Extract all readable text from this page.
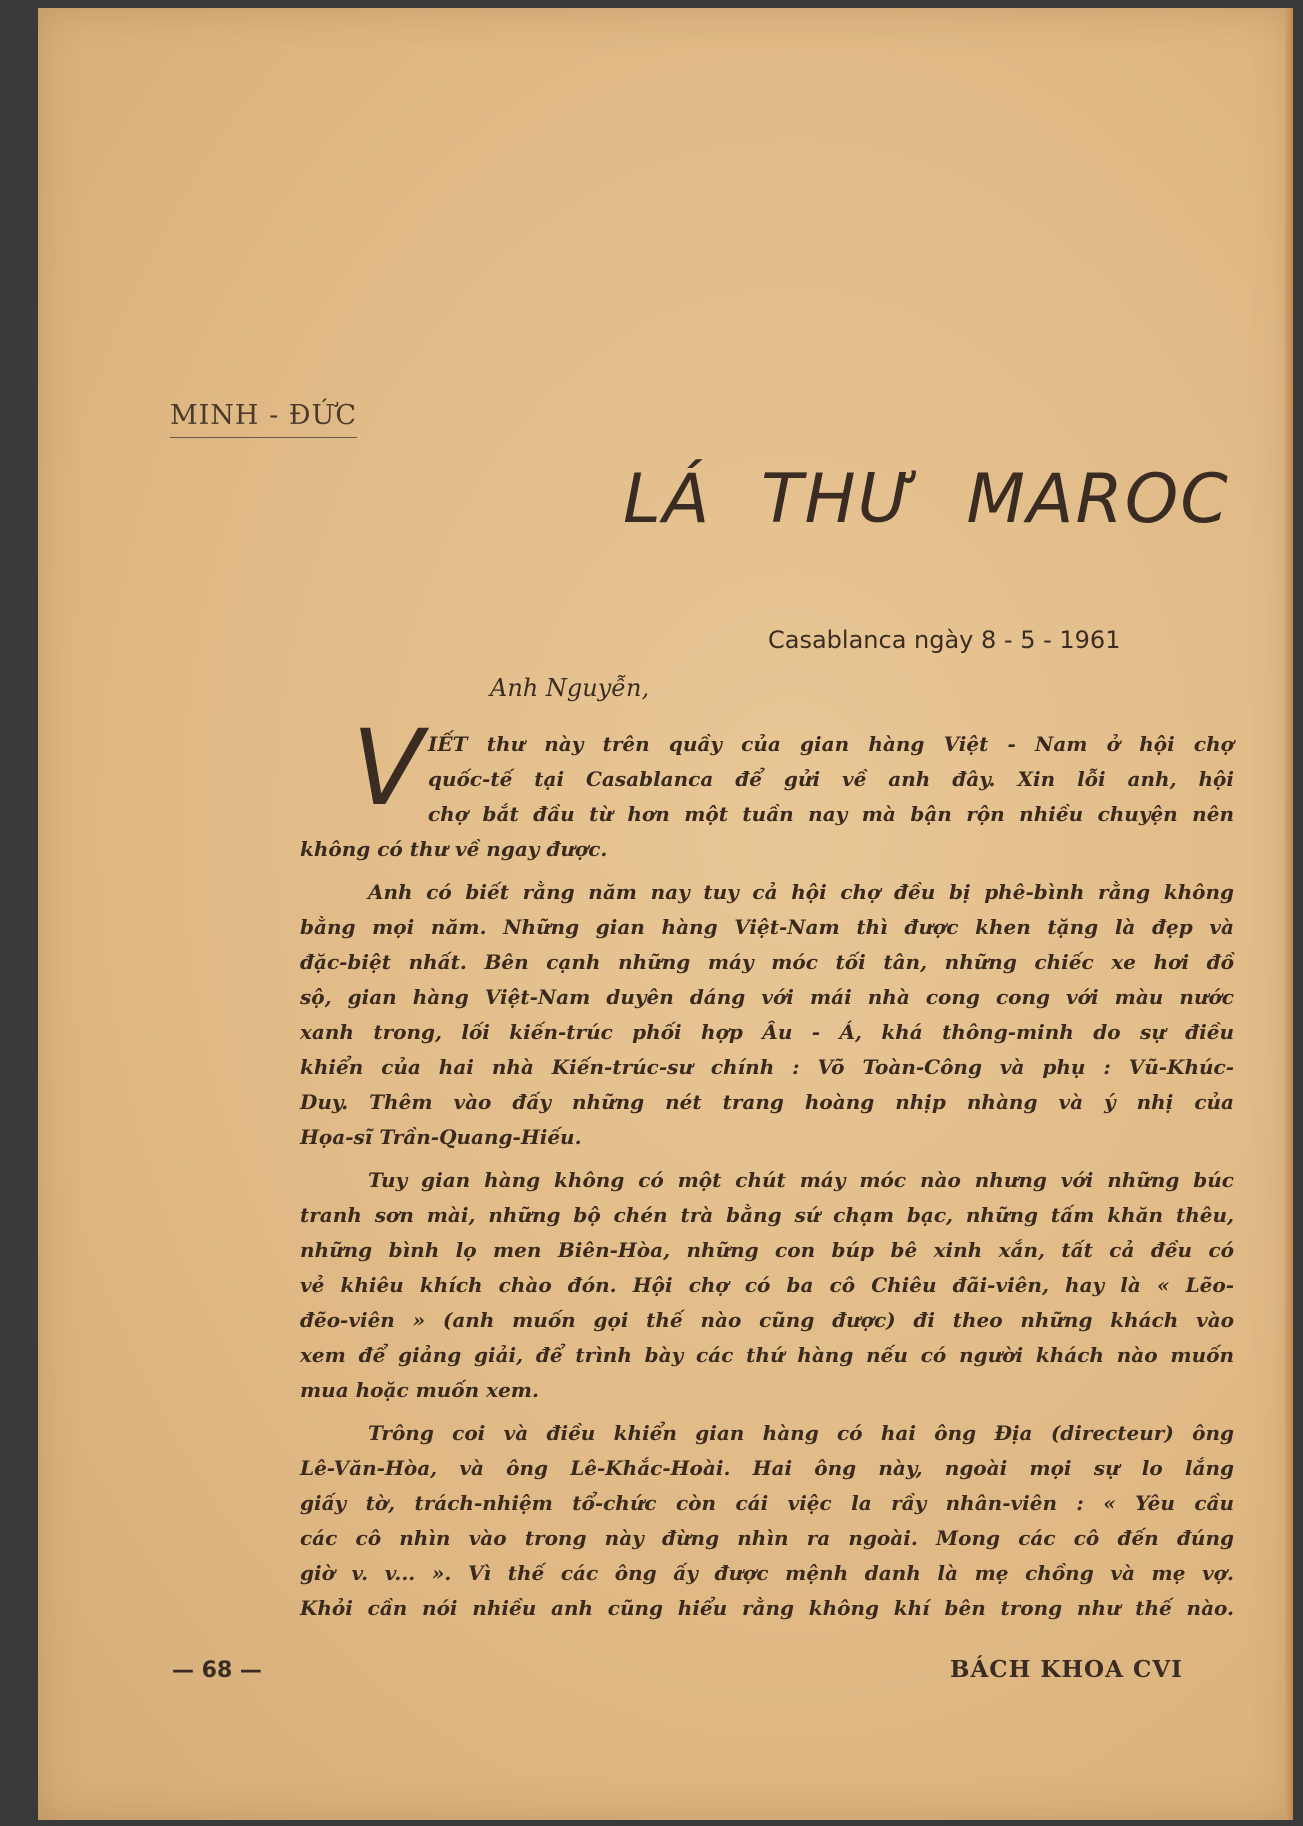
MINH - ĐỨC
LÁ THƯ MAROC
Casablanca ngày 8 - 5 - 1961
Anh Nguyễn,
V IẾT thư này trên quầy của gian hàng Việt - Nam ở hội chợ
quốc-tế tại Casablanca để gửi về anh đây. Xin lỗi anh, hội
chợ bắt đầu từ hơn một tuần nay mà bận rộn nhiều chuyện nên
không có thư về ngay được.
Anh có biết rằng năm nay tuy cả hội chợ đều bị phê-bình rằng không
bằng mọi năm. Những gian hàng Việt-Nam thì được khen tặng là đẹp và
đặc-biệt nhất. Bên cạnh những máy móc tối tân, những chiếc xe hơi đồ
sộ, gian hàng Việt-Nam duyên dáng với mái nhà cong cong với màu nước
xanh trong, lối kiến-trúc phối hợp Âu - Á, khá thông-minh do sự điều
khiển của hai nhà Kiến-trúc-sư chính : Võ Toàn-Công và phụ : Vũ-Khúc-
Duy. Thêm vào đấy những nét trang hoàng nhịp nhàng và ý nhị của
Họa-sĩ Trần-Quang-Hiếu.
Tuy gian hàng không có một chút máy móc nào nhưng với những búc
tranh sơn mài, những bộ chén trà bằng sứ chạm bạc, những tấm khăn thêu,
những bình lọ men Biên-Hòa, những con búp bê xinh xắn, tất cả đều có
vẻ khiêu khích chào đón. Hội chợ có ba cô Chiêu đãi-viên, hay là « Lẽo-
đẽo-viên » (anh muốn gọi thế nào cũng được) đi theo những khách vào
xem để giảng giải, để trình bày các thứ hàng nếu có người khách nào muốn
mua hoặc muốn xem.
Trông coi và điều khiển gian hàng có hai ông Địa (directeur) ông
Lê-Văn-Hòa, và ông Lê-Khắc-Hoài. Hai ông này, ngoài mọi sự lo lắng
giấy tờ, trách-nhiệm tổ-chức còn cái việc la rầy nhân-viên : « Yêu cầu
các cô nhìn vào trong này đừng nhìn ra ngoài. Mong các cô đến đúng
giờ v. v... ». Vì thế các ông ấy được mệnh danh là mẹ chồng và mẹ vợ.
Khỏi cần nói nhiều anh cũng hiểu rằng không khí bên trong như thế nào.
— 68 —	BÁCH KHOA CVI
